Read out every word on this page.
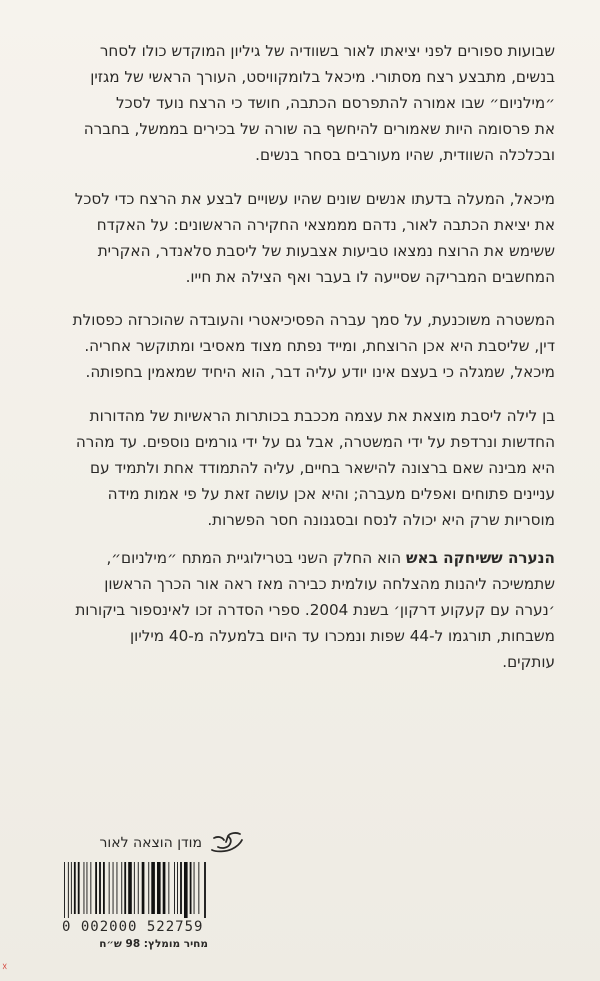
שבועות ספורים לפני יציאתו לאור בשוודיה של גיליון המוקדש כולו לסחר
בנשים, מתבצע רצח מסתורי. מיכאל בלומקוויסט, העורך הראשי של מגזין
״מילניום״ שבו אמורה להתפרסם הכתבה, חושד כי הרצח נועד לסכל
את פרסומה היות שאמורים להיחשף בה שורה של בכירים בממשל, בחברה
ובכלכלה השוודית, שהיו מעורבים בסחר בנשים.
מיכאל, המעלה בדעתו אנשים שונים שהיו עשויים לבצע את הרצח כדי לסכל
את יציאת הכתבה לאור, נדהם מממצאי החקירה הראשונים: על האקדח
ששימש את הרוצח נמצאו טביעות אצבעות של ליסבת סלאנדר, האקרית
המחשבים המבריקה שסייעה לו בעבר ואף הצילה את חייו.
המשטרה משוכנעת, על סמך עברה הפסיכיאטרי והעובדה שהוכרזה כפסולת
דין, שליסבת היא אכן הרוצחת, ומייד נפתח מצוד מאסיבי ומתוקשר אחריה.
מיכאל, שמגלה כי בעצם אינו יודע עליה דבר, הוא היחיד שמאמין בחפותה.
בן לילה ליסבת מוצאת את עצמה מככבת בכותרות הראשיות של מהדורות
החדשות ונרדפת על ידי המשטרה, אבל גם על ידי גורמים נוספים. עד מהרה
היא מבינה שאם ברצונה להישאר בחיים, עליה להתמודד אחת ולתמיד עם
עניינים פתוחים ואפלים מעברה; והיא אכן עושה זאת על פי אמות מידה
מוסריות שרק היא יכולה לנסח ובסגנונה חסר הפשרות.
הנערה ששיחקה באש הוא החלק השני בטרילוגיית המתח ״מילניום״,
שתמשיכה ליהנות מהצלחה עולמית כבירה מאז ראה אור הכרך הראשון
׳נערה עם קעקוע דרקון׳ בשנת 2004. ספרי הסדרה זכו לאינספור ביקורות
משבחות, תורגמו ל-44 שפות ונמכרו עד היום בלמעלה מ-40 מיליון
עותקים.
מודן הוצאה לאור
0 002000 522759
מחיר מומלץ: 98 ש״ח
☓
